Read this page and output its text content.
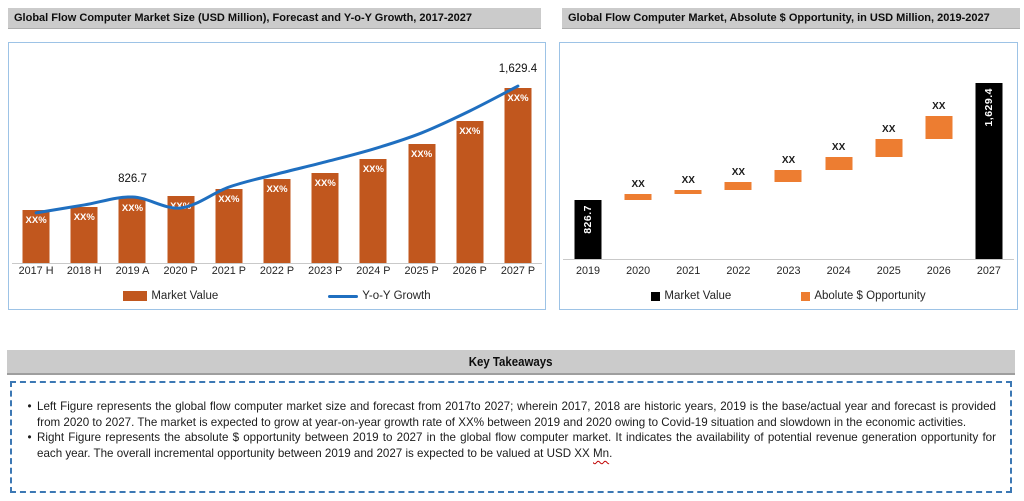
Global Flow Computer Market Size (USD Million), Forecast and Y-o-Y Growth, 2017-2027	Global Flow Computer Market, Absolute $ Opportunity, in USD Million, 2019-2027
XX%	XX%
XX%
826.7
XX%
XX%
XX%
XX%
XX%
XX%
XX%
XX%
1,629.4
2017 H	2018 H	2019 A	2020 P	2021 P	2022 P	2023 P	2024 P	2025 P	2026 P	2027 P
Market Value	Y-o-Y Growth
826.7
XX	XX
XX
XX
XX
XX
XX	1,629.4
2019	2020	2021	2022	2023	2024	2025	2026	2027
Market Value	Abolute $ Opportunity
Key Takeaways
• Left Figure represents the global flow computer market size and forecast from 2017to 2027; wherein 2017, 2018 are historic years, 2019 is the base/actual year and forecast is provided from 2020 to 2027. The market is expected to grow at year-on-year growth rate of XX% between 2019 and 2020 owing to Covid-19 situation and slowdown in the economic activities.

• Right Figure represents the absolute $ opportunity between 2019 to 2027 in the global flow computer market. It indicates the availability of potential revenue generation opportunity for each year. The overall incremental opportunity between 2019 and 2027 is expected to be valued at USD XX Mn.
